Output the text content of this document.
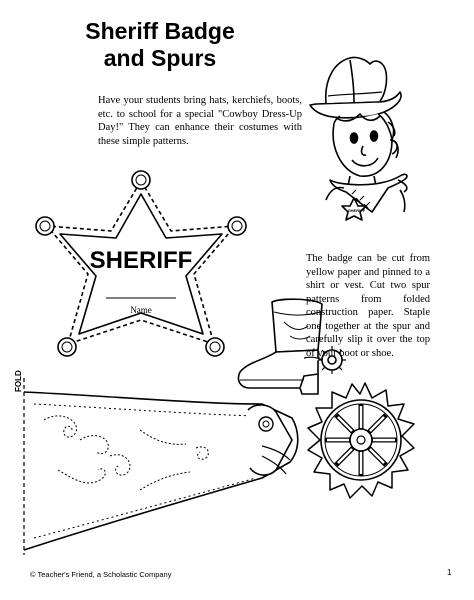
Sheriff Badge
and Spurs
Have your students bring hats, kerchiefs, boots, etc. to school for a special "Cowboy Dress-Up Day!" They can enhance their costumes with these simple patterns.
SHERIFF
SHERIFF
Name
FOLD
The badge can be cut from yellow paper and pinned to a shirt or vest. Cut two spur patterns from folded construction paper. Staple one together at the spur and carefully slip it over the top of your boot or shoe.
© Teacher's Friend, a Scholastic Company	1
